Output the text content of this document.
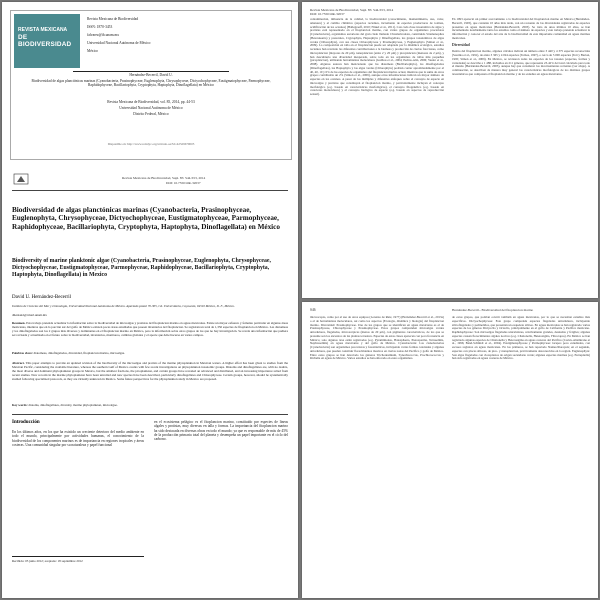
REVISTA MEXICANA
DE BIODIVERSIDAD
Revista Mexicana de Biodiversidad
ISSN: 1870-3453
falvarez@ib.unam.mx
Universidad Nacional Autónoma de México
México
Hernández-Becerril, David U.
Biodiversidad de algas planctónicas marinas (Cyanobacteria, Prasinophyceae, Euglenophyta, Chrysophyceae, Dictyochophyceae, Eustigmatophyceae, Parmophyceae, Raphidophyceae, Bacillariophyta, Cryptophyta, Haptophyta, Dinoflagellata) en México
Revista Mexicana de Biodiversidad, vol. 85, 2014, pp. 44-53
Universidad Nacional Autónoma de México
Distrito Federal, México
Disponible en: http://www.redalyc.org/articulo.oa?id=42529679005
Revista Mexicana de Biodiversidad, Supl. 85: S44-S53, 2014
DOI: 10.7550/rmb.32037
Biodiversidad de algas planctónicas marinas (Cyanobacteria, Prasinophyceae, Euglenophyta, Chrysophyceae, Dictyochophyceae, Eustigmatophyceae, Parmophyceae, Raphidophyceae, Bacillariophyta, Cryptophyta, Haptophyta, Dinoflagellata) en México
Biodiversity of marine planktonic algae (Cyanobacteria, Prasinophyceae, Euglenophyta, Chrysophyceae, Dictyochophyceae, Eustigmatophyceae, Parmophyceae, Raphidophyceae, Bacillariophyta, Cryptophyta, Haptophyta, Dinoflagellata) in Mexico
David U. Hernández-Becerril
Instituto de Ciencias del Mar y Limnología, Universidad Nacional Autónoma de México. Apartado postal 70-305, Cd. Universitaria, Coyoacán, 04510 México, D. F., México.
dhernand@cmarl.unam.mx
Resumen. Esta trabajo pretende actualizar la información sobre la biodiversidad de microalgas y protistas del fitoplancton marino en aguas mexicanas. Existe un mayor esfuerzo y fomento particular en algunas áreas mexicanas, mientras que en la porción sur del golfo de México existen pocas áreas estudiadas que poseen inventarios del fitoplancton. Se registran un total de 1,350 especies de fitoplancton en México. Las diatomeas y los dinoflagelados son los 2 grupos más diversos y dominantes en el fitoplancton marino en México, pero la información sobre otros grupos de los que no hay investigación. Se revela una información que pudiera ser revisada y actualizada en el futuro sobre la biodiversidad, inventarios, monitoreo, cambios globales y el aporte que debe hacerse en varios campos.
Palabras clave: diatomeas, dinoflagelados, diversidad, fitoplancton marino, microalgas.
Abstract. This paper attempts to provide an updated revision of the biodiversity of the microalgae and protists of the marine phytoplankton in Mexican waters. A higher effort has been given to studies from the Mexican Pacific, considering the available literature, whereas the southern Gulf of Mexico counts with few recent investigations on phytoplankton taxonomic groups. Diatoms and dinoflagellates are, with no doubts, the most diverse and dominant phytoplankton groups in Mexico, but the smallest fractions, the picoplankton, and certain groups have revealed an advanced and distributed, and an increasing importance relied from recent studies. New records in the marine phytoplankton have been unveiled and new species have been described, particularly dinoflagellates and Chlorophyceae. Certain groups, however, should be systematically studied following specialized protocols, as they are virtually unknown in Mexico. Some future perspectives for the phytoplankton study in Mexico are proposed.
Key words: diatoms, dinoflagellates, diversity, marine phytoplankton, microalgae.
Introducción
En los últimos años, en los que ha existido un creciente deterioro del medio ambiente en todo el mundo, principalmente por actividades humanas, el conocimiento de la biodiversidad de los componentes marinos es de importancia en regiones tropicales y áreas costeras. Una comunidad singular por su naturaleza y papel funcional
en el ecosistema pelágico es el fitoplancton marino, constituido por especies de lineas algales y protistas, muy diversas en talla y formas. La importancia del fitoplancton marino ha sido destacada en diversas obras en todo el mundo; ya que es responsable de más de 45% de la producción primaria total del planeta y desempeña un papel importante en el ciclo del carbono.
Recibido: 05 junio 2012; aceptado: 18 septiembre 2012
Revista Mexicana de Biodiversidad, Supl. 85: S44-S53, 2014
DOI: 10.7550/rmb.32037
contaminación, influencia de la calidad, la biodiversidad (conocimiento, mantenimiento, uso, valor, amenaza) y el cambio climático (aspectos recientes, incremento de especies productoras de toxinas, acidificación de los océanos) (Hallegraeff, 2010; Finkel et al., 2011). Con cada clase taxonómica de algas y protistas está representado en el fitoplancton marino, con varios grupos de organismos procariotas (Cyanobacteria), organismos eucariotas del gran clado llamado Chromalveolata, constituido Stramenopiles (Heterokonta) y pastorales, Cryptophyta, Haptophyta y Dinoflagellata, los grupos taxonómicos de algas verdes (Chlorophyta), con sus clases Chlorophyceae y Prasinophyceae, y Euglenophyta (Simon et al., 2009). La composición en talla en el fitoplancton puede ser adaptada por la dinámica ecológica, estudios recientes han revelado las diferentes contribuciones a la biomasa y producción de ciertas fracciones, como microplancton (mayores de 20 μm), nanoplancton (entre 2 y 20 μm) y picoplancton (menores de 2 μm), y han descubierto una diversidad inesperada, sobre todo en los organismos de tallas más pequeñas (picoplancton), utilizando herramientas moleculares (Guillou et al., 2004; Pedrós-Alió, 2006; Vaulot et al., 2008). Algunos autores han mencionado que las diatomeas (Bacillariophyta), los dinoflagelados (Dinoflagellata), las Haptophyta y las algas verdes (Chlorophyta) podrían contar aproximadamente por el 40, 40, 10 y 6% de las especies de organismos del fitoplancton marino actual, mientras que la suma de otros grupos contribuiría un 2% (Simon et al., 2009), aunque otras informaciones indican un mayor número de especies en los océanos. A pesar de los múltiples y diferentes enfoques sobre el concepto de especie en microalgas y protistas que constituyen el fitoplancton marino, y particularmente incluyen el concepto morfológico (e.g. basado en características morfológicas), el concepto filogenético (e.g. basado en caracteres moleculares) y el concepto biológico de especie (e.g. basado en aspectos de reproducción sexual).
En 1993 apareció un primer acercamiento a la biodiversidad del fitoplancton marino en México (Hernández-Becerril, 1993), que contenía 10 años más tarde, con un recuento de las diversidades registradas de especies presentes en aguas mexicanas (Hernández-Becerril, 2003). Se trata de unos últimos 10 años, se han incrementado notablemente tanto los estudios como el número de especies y este trabajo pretende actualizar la información y conocer el estado del arte de la biodiversidad de esta importante comunidad en aguas marinas mexicanas.
Diversidad
Dentro del fitoplancton marino, algunos cálculos indican un número entre 3 440 y 4 375 especies reconocidas (Sournia et al., 1991), de entre 3 365 y 4 024 especies (Tomas, 1997), o cerca de 5 000 especies (Tett y Barton, 1995; Simon et al., 2009). En México, se revisaron todas las especies de los taxones (especies, formas y variedades) se describe a 1 488, incluidos en 211 géneros, que representa 23-42% del total calculado para todo el mundo (Hernández-Becerril, 2003), aunque hay que considerar los inconvenientes recientes (ver abajo). A continuación, se describen de manera muy general las características morfológicas de los distintos grupos taxonómicos que componen el fitoplancton marino y de los estudios en aguas mexicanas.
S46	Hernández-Becerril.- Biodiversidad del fitoplancton marino
microscopio, como por el uso de otros equipos (Lorenzo de Ruiz, 1977) (Hernández-Becerril et al., 2013a) o el de herramientas moleculares, así como los aspectos (Ecología, dinámica y biología) del fitoplancton marino. Diversidad: Prasinophyceae. Uno de los grupos que se identifican en aguas mexicanas es el de Prasinophyceae, Chlorophyceae y Prasinophyceae. Estos grupos comprenden microalgas verdes unicelulares, flageladas, microscópicas (menos de 20 μm), con pigmentos característicos, de los que se presume son los ancestros de las plantas terrestres. Especies de estas clases aparecen con poca frecuencia en México; solo algunos taxa están registrados (e.g. Pyramimonas, Halosphaera, Pterosperma, Tetraselmis, Nephroselmis) en aguas mexicanas y del golfo de México. Cyanobacteria: Las cianobacterias (Cyanobacteria) son organismos procariotas y fotosintéticos, incluyendo varias formas coloniales y algunas unicelulares, que pueden constituir florecimientos masivos en ciertas zonas del Pacífico y golfo de México. Entre estos grupos se han detectado los géneros Trichodesmium, Synechococcus, Prochlorococcus y Richelia en aguas de México. Varios estudios se han enfocado en estos organismos.
de estos grupos, que podrían ocurrir también en aguas mexicanas, por lo que se necesitan estudios más específicos. Dictyochophyceae: Este grupo comprende especies flageladas unicelulares, incluyendo silicoflagelados y pedinelidos, que presentan un esqueleto silíceo. En aguas mexicanas se han registrado varias especies de los géneros Dictyocha y Octactis, principalmente en el golfo de California y Pacífico mexicano. Raphidophyceae: Son microalgas flageladas unicelulares, relativamente grandes, desnudas y frágiles; algunas especies causan florecimientos algales nocivos (e.g. Chattonella, Heterosigma, Fibrocapsa). En México se han registrado algunas especies de Chattonella y Heterosigma en aguas costeras del Pacífico (Cortés-Altamirano et al., 1996; Band-Schmidt et al., 2004). Eustigmatophyceae y Parmophyceae: Grupos poco estudiados, con escasos registros en aguas mexicanas. En los primeros, se han reportado Nannochloropsis; en el segundo, especies con placas silíceas, de pico- y nanoplancton, prácticamente desconocidas en la región. Euglenophyta: Son algas flageladas con cloroplastos de origen secundario verde; algunas especies marinas (e.g. Eutreptiella) han sido registradas en aguas costeras de México.
